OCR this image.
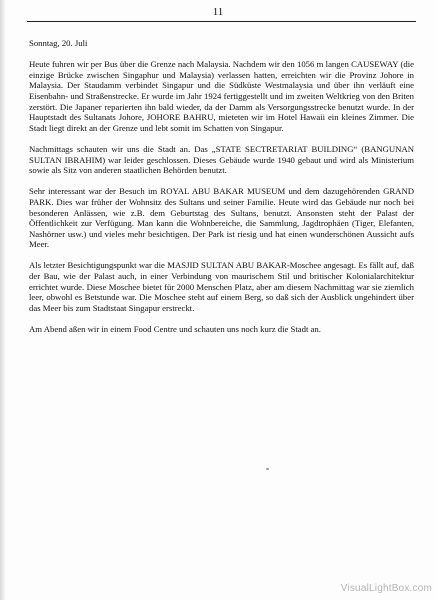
11

Sonntag, 20. Juli

Heute fuhren wir per Bus über die Grenze nach Malaysia. Nachdem wir den 1056 m langen CAUSEWAY (die einzige Brücke zwischen Singaphur und Malaysia) verlassen hatten, erreichten wir die Provinz Johore in Malaysia. Der Staudamm verbindet Singapur und die Südküste Westmalaysia und über ihn verläuft eine Eisenbahn- und Straßenstrecke. Er wurde im Jahr 1924 fertiggestellt und im zweiten Weltkrieg von den Briten zerstört. Die Japaner reparierten ihn bald wieder, da der Damm als Versorgungsstrecke benutzt wurde. In der Hauptstadt des Sultanats Johore, JOHORE BAHRU, mieteten wir im Hotel Hawaii ein kleines Zimmer. Die Stadt liegt direkt an der Grenze und lebt somit im Schatten von Singapur.

Nachmittags schauten wir uns die Stadt an. Das „STATE SECTRETARIAT BUILDING“ (BANGUNAN SULTAN IBRAHIM) war leider geschlossen. Dieses Gebäude wurde 1940 gebaut und wird als Ministerium sowie als Sitz von anderen staatlichen Behörden benutzt.

Sehr interessant war der Besuch im ROYAL ABU BAKAR MUSEUM und dem dazugehörenden GRAND PARK. Dies war früher der Wohnsitz des Sultans und seiner Familie. Heute wird das Gebäude nur noch bei besonderen Anlässen, wie z.B. dem Geburtstag des Sultans, benutzt. Ansonsten steht der Palast der Öffentlichkeit zur Verfügung. Man kann die Wohnbereiche, die Sammlung, Jagdtrophäen (Tiger, Elefanten, Nashörner usw.) und vieles mehr besichtigen. Der Park ist riesig und hat einen wunderschönen Aussicht aufs Meer.

Als letzter Besichtigungspunkt war die MASJID SULTAN ABU BAKAR-Moschee angesagt. Es fällt auf, daß der Bau, wie der Palast auch, in einer Verbindung von maurischem Stil und britischer Kolonialarchitektur errichtet wurde. Diese Moschee bietet für 2000 Menschen Platz, aber am diesem Nachmittag war sie ziemlich leer, obwohl es Betstunde war. Die Moschee steht auf einem Berg, so daß sich der Ausblick ungehindert über das Meer bis zum Stadtstaat Singapur erstreckt.

Am Abend aßen wir in einem Food Centre und schauten uns noch kurz die Stadt an.

VisualLightBox.com
